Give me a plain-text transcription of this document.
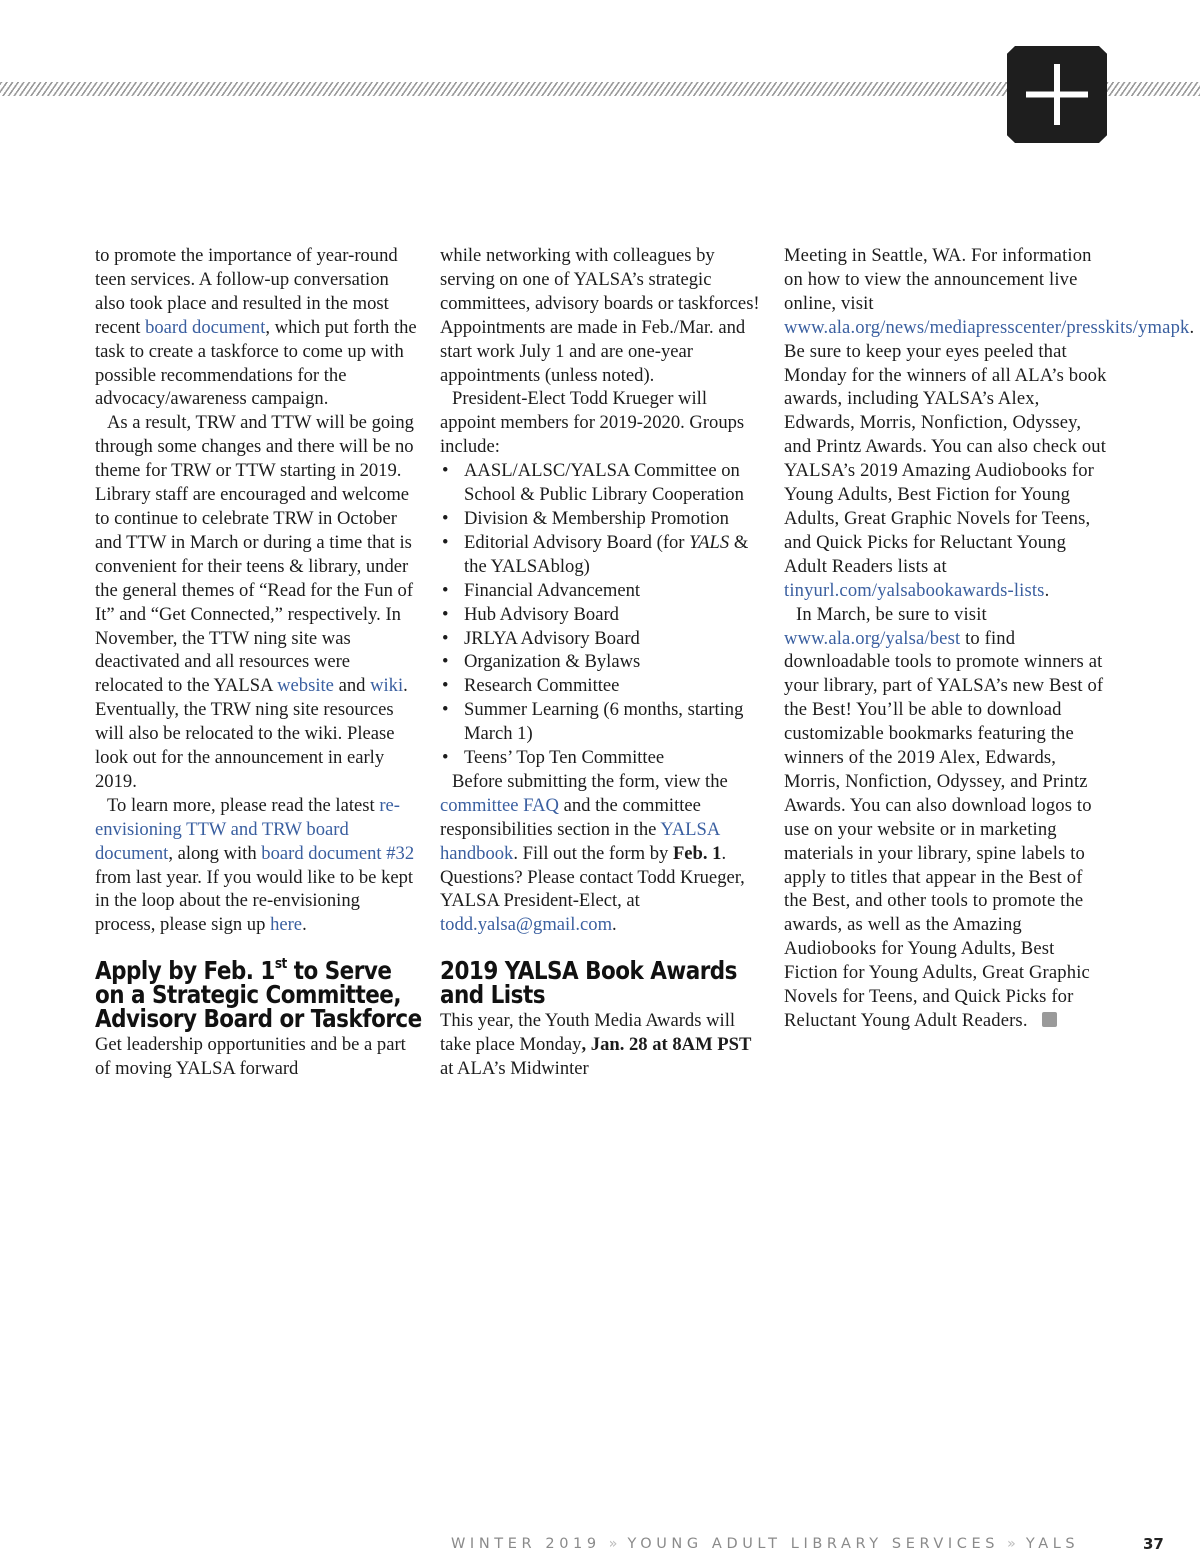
to promote the importance of year-round teen services. A follow-up conversation also took place and resulted in the most recent board document, which put forth the task to create a taskforce to come up with possible recommendations for the advocacy/awareness campaign.

As a result, TRW and TTW will be going through some changes and there will be no theme for TRW or TTW starting in 2019. Library staff are encouraged and welcome to continue to celebrate TRW in October and TTW in March or during a time that is convenient for their teens & library, under the general themes of “Read for the Fun of It” and “Get Connected,” respectively. In November, the TTW ning site was deactivated and all resources were relocated to the YALSA website and wiki. Eventually, the TRW ning site resources will also be relocated to the wiki. Please look out for the announcement in early 2019.

To learn more, please read the latest re-envisioning TTW and TRW board document, along with board document #32 from last year. If you would like to be kept in the loop about the re-envisioning process, please sign up here.

Apply by Feb. 1st to Serve on a Strategic Committee, Advisory Board or Taskforce

Get leadership opportunities and be a part of moving YALSA forward

while networking with colleagues by serving on one of YALSA’s strategic committees, advisory boards or taskforces! Appointments are made in Feb./Mar. and start work July 1 and are one-year appointments (unless noted).

President-Elect Todd Krueger will appoint members for 2019-2020. Groups include:

• AASL/ALSC/YALSA Committee on School & Public Library Cooperation
• Division & Membership Promotion
• Editorial Advisory Board (for YALS & the YALSAblog)
• Financial Advancement
• Hub Advisory Board
• JRLYA Advisory Board
• Organization & Bylaws
• Research Committee
• Summer Learning (6 months, starting March 1)
• Teens’ Top Ten Committee

Before submitting the form, view the committee FAQ and the committee responsibilities section in the YALSA handbook. Fill out the form by Feb. 1. Questions? Please contact Todd Krueger, YALSA President-Elect, at todd.yalsa@gmail.com.

2019 YALSA Book Awards and Lists

This year, the Youth Media Awards will take place Monday, Jan. 28 at 8AM PST at ALA’s Midwinter

Meeting in Seattle, WA. For information on how to view the announcement live online, visit www.ala.org/news/mediapresscenter/presskits/ymapk. Be sure to keep your eyes peeled that Monday for the winners of all ALA’s book awards, including YALSA’s Alex, Edwards, Morris, Nonfiction, Odyssey, and Printz Awards. You can also check out YALSA’s 2019 Amazing Audiobooks for Young Adults, Best Fiction for Young Adults, Great Graphic Novels for Teens, and Quick Picks for Reluctant Young Adult Readers lists at tinyurl.com/yalsabookawards-lists.

In March, be sure to visit www.ala.org/yalsa/best to find downloadable tools to promote winners at your library, part of YALSA’s new Best of the Best! You’ll be able to download customizable bookmarks featuring the winners of the 2019 Alex, Edwards, Morris, Nonfiction, Odyssey, and Printz Awards. You can also download logos to use on your website or in marketing materials in your library, spine labels to apply to titles that appear in the Best of the Best, and other tools to promote the awards, as well as the Amazing Audiobooks for Young Adults, Best Fiction for Young Adults, Great Graphic Novels for Teens, and Quick Picks for Reluctant Young Adult Readers.

WINTER 2019 » YOUNG ADULT LIBRARY SERVICES » YALS	37
